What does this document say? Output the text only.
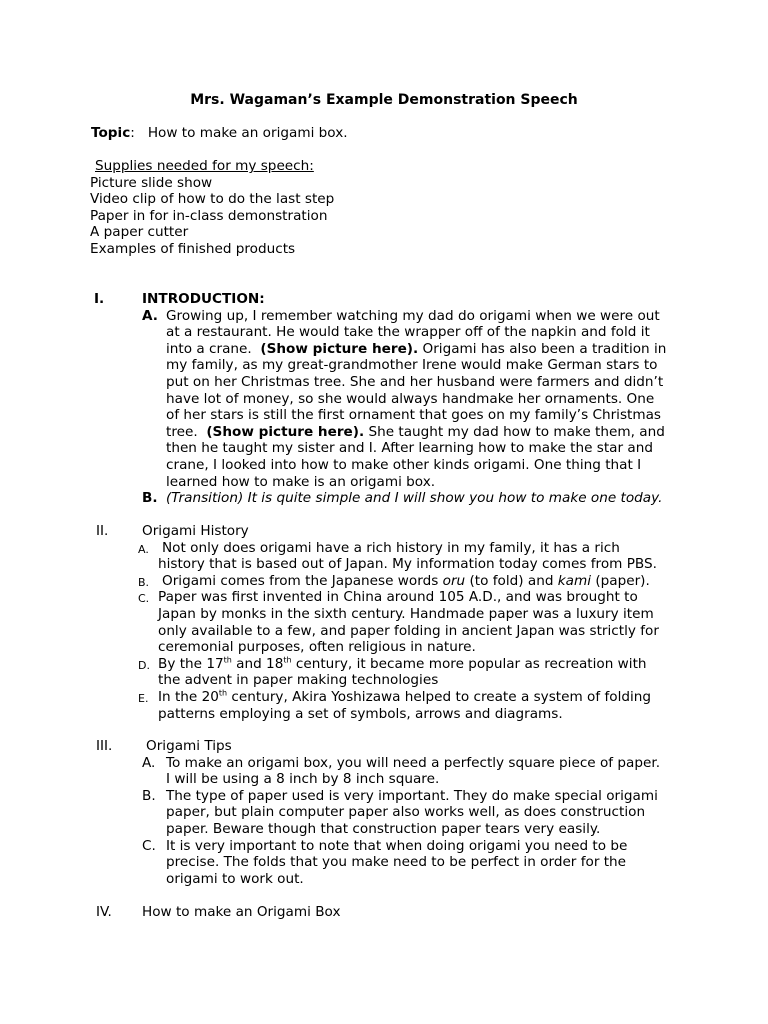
Mrs. Wagaman’s Example Demonstration Speech
Topic: How to make an origami box.
Supplies needed for my speech:
Picture slide show
Video clip of how to do the last step
Paper in for in-class demonstration
A paper cutter
Examples of finished products
I.	INTRODUCTION:
A. Growing up, I remember watching my dad do origami when we were out
at a restaurant. He would take the wrapper off of the napkin and fold it
into a crane. (Show picture here). Origami has also been a tradition in
my family, as my great-grandmother Irene would make German stars to
put on her Christmas tree. She and her husband were farmers and didn’t
have lot of money, so she would always handmake her ornaments. One
of her stars is still the first ornament that goes on my family’s Christmas
tree. (Show picture here). She taught my dad how to make them, and
then he taught my sister and I. After learning how to make the star and
crane, I looked into how to make other kinds origami. One thing that I
learned how to make is an origami box.
B. (Transition) It is quite simple and I will show you how to make one today.
II. Origami History
A. Not only does origami have a rich history in my family, it has a rich
history that is based out of Japan. My information today comes from PBS.
B. Origami comes from the Japanese words oru (to fold) and kami (paper).
C. Paper was first invented in China around 105 A.D., and was brought to
Japan by monks in the sixth century. Handmade paper was a luxury item
only available to a few, and paper folding in ancient Japan was strictly for
ceremonial purposes, often religious in nature.
D. By the 17th and 18th century, it became more popular as recreation with
the advent in paper making technologies
E. In the 20th century, Akira Yoshizawa helped to create a system of folding
patterns employing a set of symbols, arrows and diagrams.
III. Origami Tips
A. To make an origami box, you will need a perfectly square piece of paper.
I will be using a 8 inch by 8 inch square.
B. The type of paper used is very important. They do make special origami
paper, but plain computer paper also works well, as does construction
paper. Beware though that construction paper tears very easily.
C. It is very important to note that when doing origami you need to be
precise. The folds that you make need to be perfect in order for the
origami to work out.
IV. How to make an Origami Box
